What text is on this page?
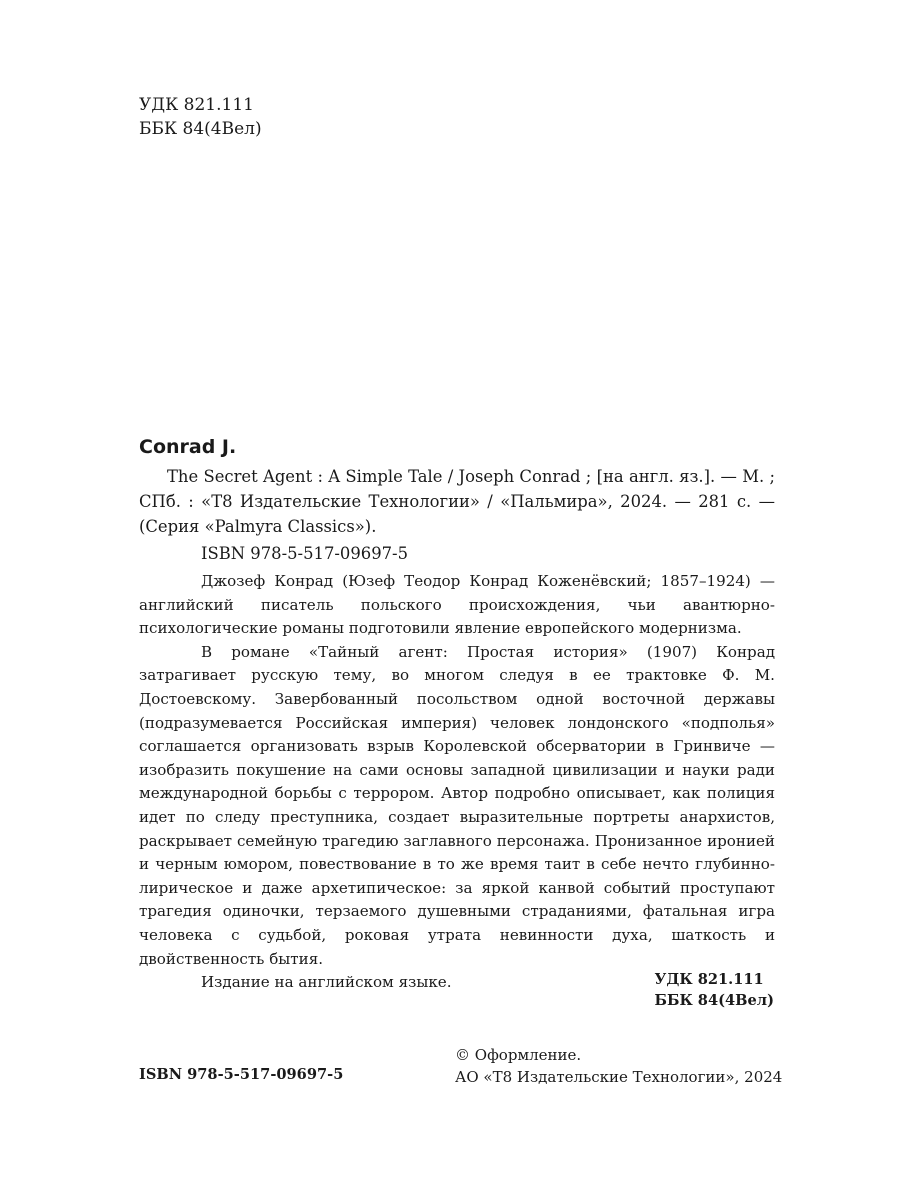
УДК 821.111
ББК 84(4Вел)
Conrad J.

The Secret Agent : A Simple Tale / Joseph Conrad ; [на англ. яз.]. — М. ; СПб. : «Т8 Издательские Технологии» / «Пальмира», 2024. — 281 с. — (Серия «Palmyra Classics»).

ISBN 978-5-517-09697-5

Джозеф Конрад (Юзеф Теодор Конрад Коженёвский; 1857–1924) — английский писатель польского происхождения, чьи авантюрно-психологические романы подготовили явление европейского модернизма.

В романе «Тайный агент: Простая история» (1907) Конрад затрагивает русскую тему, во многом следуя в ее трактовке Ф. М. Достоевскому. Завербованный посольством одной восточной державы (подразумевается Российская империя) человек лондонского «подполья» соглашается организовать взрыв Королевской обсерватории в Гринвиче — изобразить покушение на сами основы западной цивилизации и науки ради международной борьбы с террором. Автор подробно описывает, как полиция идет по следу преступника, создает выразительные портреты анархистов, раскрывает семейную трагедию заглавного персонажа. Пронизанное иронией и черным юмором, повествование в то же время таит в себе нечто глубинно-лирическое и даже архетипическое: за яркой канвой событий проступают трагедия одиночки, терзаемого душевными страданиями, фатальная игра человека с судьбой, роковая утрата невинности духа, шаткость и двойственность бытия.

Издание на английском языке.	УДК 821.111
ББК 84(4Вел)
© Оформление.
АО «Т8 Издательские Технологии», 2024
ISBN 978-5-517-09697-5
